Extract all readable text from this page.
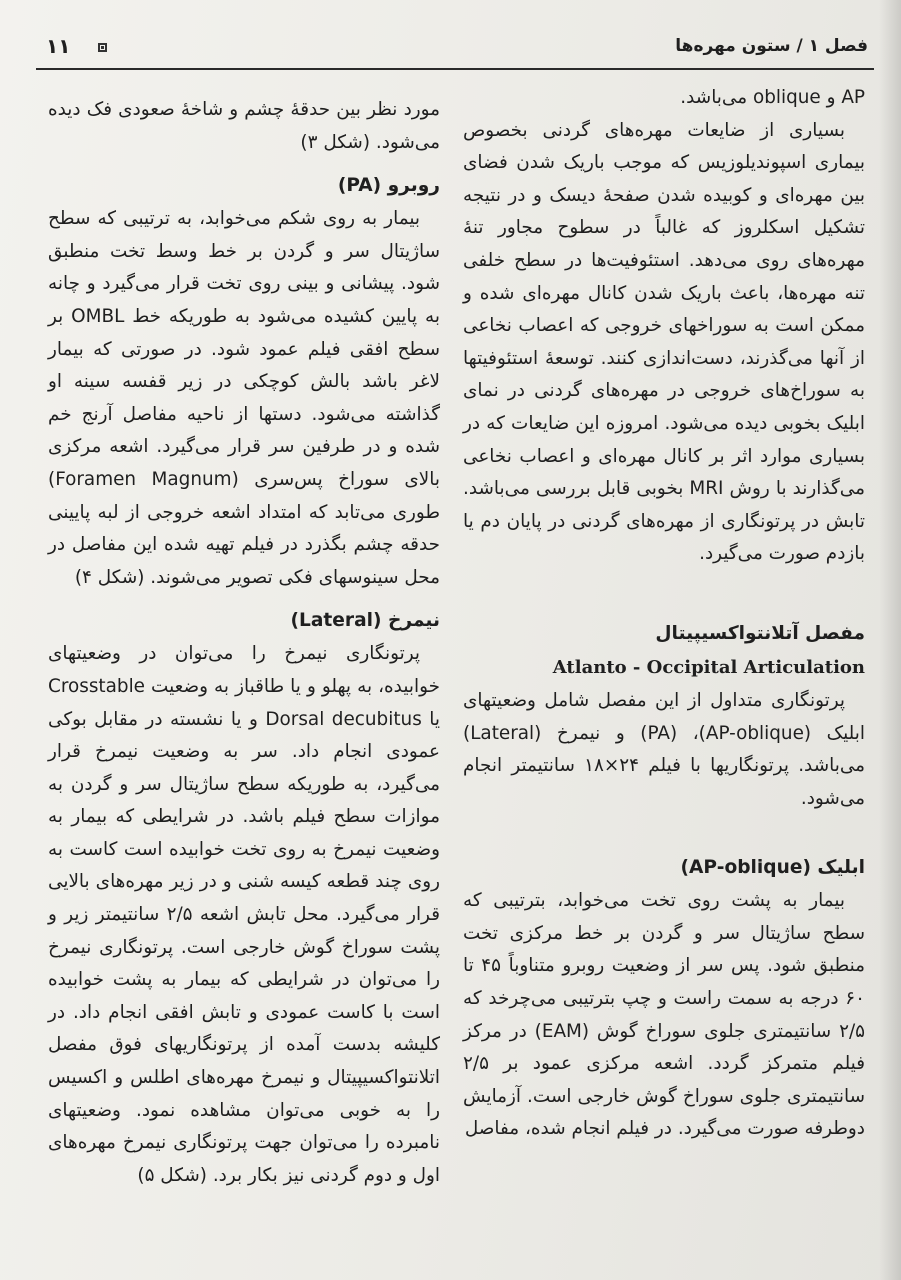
فصل ۱ / ستون مهره‌ها
۱۱

AP و oblique می‌باشد.

بسیاری از ضایعات مهره‌های گردنی بخصوص بیماری اسپوندیلوزیس که موجب باریک شدن فضای بین مهره‌ای و کوبیده شدن صفحهٔ دیسک و در نتیجه تشکیل اسکلروز که غالباً در سطوح مجاور تنهٔ مهره‌های روی می‌دهد. استئوفیت‌ها در سطح خلفی تنه مهره‌ها، باعث باریک شدن کانال مهره‌ای شده و ممکن است به سوراخهای خروجی که اعصاب نخاعی از آنها می‌گذرند، دست‌اندازی کنند. توسعهٔ استئوفیتها به سوراخ‌های خروجی در مهره‌های گردنی در نمای ابلیک بخوبی دیده می‌شود. امروزه این ضایعات که در بسیاری موارد اثر بر کانال مهره‌ای و اعصاب نخاعی می‌گذارند با روش MRI بخوبی قابل بررسی می‌باشد. تابش در پرتونگاری از مهره‌های گردنی در پایان دم یا بازدم صورت می‌گیرد.

مفصل آتلانتواکسیپیتال
Atlanto - Occipital Articulation

پرتونگاری متداول از این مفصل شامل وضعیتهای ابلیک (AP-oblique)، (PA) و نیمرخ (Lateral) می‌باشد. پرتونگاریها با فیلم ۲۴×۱۸ سانتیمتر انجام می‌شود.

ابلیک (AP-oblique)

بیمار به پشت روی تخت می‌خوابد، بترتیبی که سطح ساژیتال سر و گردن بر خط مرکزی تخت منطبق شود. پس سر از وضعیت روبرو متناوباً ۴۵ تا ۶۰ درجه به سمت راست و چپ بترتیبی می‌چرخد که ۲/۵ سانتیمتری جلوی سوراخ گوش (EAM) در مرکز فیلم متمرکز گردد. اشعه مرکزی عمود بر ۲/۵ سانتیمتری جلوی سوراخ گوش خارجی است. آزمایش دوطرفه صورت می‌گیرد. در فیلم انجام شده، مفاصل

مورد نظر بین حدقهٔ چشم و شاخهٔ صعودی فک دیده می‌شود. (شکل ۳)

روبرو (PA)

بیمار به روی شکم می‌خوابد، به ترتیبی که سطح ساژیتال سر و گردن بر خط وسط تخت منطبق شود. پیشانی و بینی روی تخت قرار می‌گیرد و چانه به پایین کشیده می‌شود به طوریکه خط OMBL بر سطح افقی فیلم عمود شود. در صورتی که بیمار لاغر باشد بالش کوچکی در زیر قفسه سینه او گذاشته می‌شود. دستها از ناحیه مفاصل آرنج خم شده و در طرفین سر قرار می‌گیرد. اشعه مرکزی بالای سوراخ پس‌سری (Foramen Magnum) طوری می‌تابد که امتداد اشعه خروجی از لبه پایینی حدقه چشم بگذرد در فیلم تهیه شده این مفاصل در محل سینوسهای فکی تصویر می‌شوند. (شکل ۴)

نیمرخ (Lateral)

پرتونگاری نیمرخ را می‌توان در وضعیتهای خوابیده، به پهلو و یا طاقباز به وضعیت Crosstable یا Dorsal decubitus و یا نشسته در مقابل بوکی عمودی انجام داد. سر به وضعیت نیمرخ قرار می‌گیرد، به طوریکه سطح ساژیتال سر و گردن به موازات سطح فیلم باشد. در شرایطی که بیمار به وضعیت نیمرخ به روی تخت خوابیده است کاست به روی چند قطعه کیسه شنی و در زیر مهره‌های بالایی قرار می‌گیرد. محل تابش اشعه ۲/۵ سانتیمتر زیر و پشت سوراخ گوش خارجی است. پرتونگاری نیمرخ را می‌توان در شرایطی که بیمار به پشت خوابیده است با کاست عمودی و تابش افقی انجام داد. در کلیشه بدست آمده از پرتونگاریهای فوق مفصل اتلانتواکسیپیتال و نیمرخ مهره‌های اطلس و اکسیس را به خوبی می‌توان مشاهده نمود. وضعیتهای نامبرده را می‌توان جهت پرتونگاری نیمرخ مهره‌های اول و دوم گردنی نیز بکار برد. (شکل ۵)
